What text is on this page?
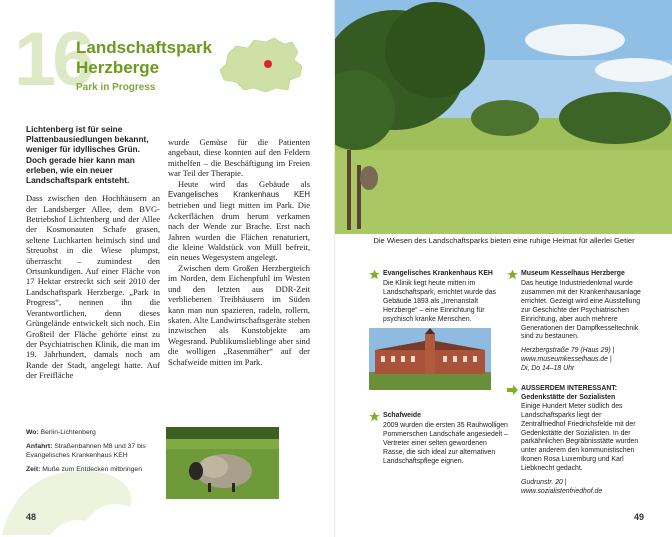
16
Landschaftspark
Herzberge
Park in Progress

Lichtenberg ist für seine Plattenbausiedlungen bekannt, weniger für idyllisches Grün. Doch gerade hier kann man erleben, wie ein neuer Landschaftspark entsteht.

Dass zwischen den Hochhäusern an der Landsberger Allee, dem BVG-Betriebshof Lichtenberg und der Allee der Kosmonauten Schafe grasen, seltene Luchkarten heimisch sind und Streuobst in die Wiese plumpst, überrascht – zumindest den Ortsunkundigen. Auf einer Fläche von 17 Hektar erstreckt sich seit 2010 der Landschaftspark Herzberge. „Park in Progress“, nennen ihn die Verantwortlichen, denn dieses Grüngelände entwickelt sich noch. Ein Großteil der Fläche gehörte einst zu der Psychiatrischen Klinik, die man im 19. Jahrhundert, damals noch am Rande der Stadt, angelegt hatte. Auf der Freifläche

wurde Gemüse für die Patienten angebaut, diese konnten auf den Feldern mithelfen – die Beschäftigung im Freien war Teil der Therapie.

Heute wird das Gebäude als Evangelisches Krankenhaus KEH betrieben und liegt mitten im Park. Die Ackerflächen drum herum verkamen nach der Wende zur Brache. Erst nach Jahren wurden die Flächen renaturiert, die kleine Waldstück von Müll befreit, ein neues Wegesystem angelegt.

Zwischen dem Großen Herzbergteich im Norden, dem Eichenpfuhl im Westen und den letzten aus DDR-Zeit verbliebenen Treibhäusern im Süden kann man nun spazieren, radeln, rollern, skaten. Alte Landwirtschaftsgeräte stehen inzwischen als Kunstobjekte am Wegesrand. Publikumslieblinge aber sind die wolligen „Rasenmäher“ auf der Schafweide mitten im Park.

Wo: Berlin-Lichtenberg
Anfahrt: Straßenbahnen M8 und 37 bis Evangelisches Krankenhaus KEH
Zeit: Muße zum Entdecken mitbringen
48
Die Wiesen des Landschaftsparks bieten eine ruhige Heimat für allerlei Getier
Evangelisches Krankenhaus KEH
Die Klinik liegt heute mitten im Landschaftspark, errichtet wurde das Gebäude 1893 als „Irrenanstalt Herzberge“ – eine Einrichtung für psychisch kranke Menschen.
Museum Kesselhaus Herzberge
Das heutige Industriedenkmal wurde zusammen mit der Krankenhausanlage errichtet. Gezeigt wird eine Ausstellung zur Geschichte der Psychiatrischen Einrichtung, aber auch mehrere Generationen der Dampfkesseltechnik sind zu bestaunen.
Herzbergstraße 79 (Haus 29) |
www.museumkesselhaus.de |
Di, Do 14–18 Uhr
AUSSERDEM INTERESSANT:
Gedenkstätte der Sozialisten
Einige Hundert Meter südlich des Landschaftsparks liegt der Zentralfriedhof Friedrichsfelde mit der Gedenkstätte der Sozialisten. In der parkähnlichen Begräbnisstätte wurden unter anderem den kommunistischen Ikonen Rosa Luxemburg und Karl Liebknecht gedacht.
Gudrunstr. 20 |
www.sozialistenfriedhof.de
Schafweide
2009 wurden die ersten 35 Rauhwolligen Pommerschen Landschafe angesiedelt – Vertreter einer selten gewordenen Rasse, die sich ideal zur alternativen Landschaftspflege eignen.
49
